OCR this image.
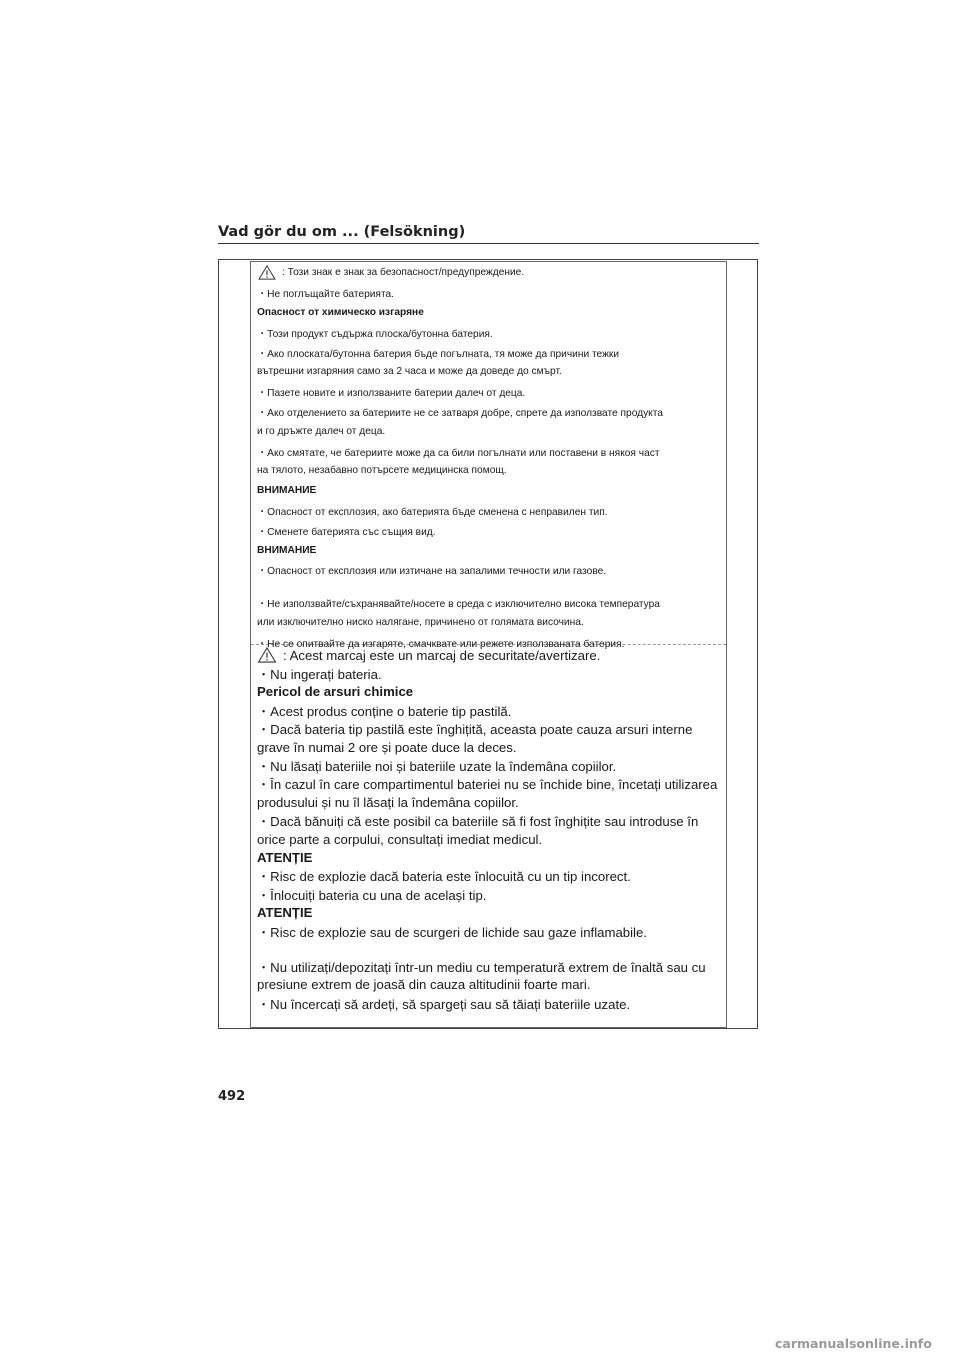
Vad gör du om ... (Felsökning)
: Този знак е знак за безопасност/предупреждение.
・Не поглъщайте батерията.
Опасност от химическо изгаряне
・Този продукт съдържа плоска/бутонна батерия.
・Ако плоската/бутонна батерия бъде погълната, тя може да причини тежки
вътрешни изгаряния само за 2 часа и може да доведе до смърт.
・Пазете новите и използваните батерии далеч от деца.
・Ако отделението за батериите не се затваря добре, спрете да използвате продукта
и го дръжте далеч от деца.
・Ако смятате, че батериите може да са били погълнати или поставени в някоя част
на тялото, незабавно потърсете медицинска помощ.
ВНИМАНИЕ
・Опасност от експлозия, ако батерията бъде сменена с неправилен тип.
・Сменете батерията със същия вид.
ВНИМАНИЕ
・Опасност от експлозия или изтичане на запалими течности или газове.
・Не използвайте/съхранявайте/носете в среда с изключително висока температура
или изключително ниско налягане, причинено от голямата височина.
・Не се опитвайте да изгаряте, смачквате или режете използваната батерия.
: Acest marcaj este un marcaj de securitate/avertizare.
・Nu ingerați bateria.
Pericol de arsuri chimice
・Acest produs conține o baterie tip pastilă.
・Dacă bateria tip pastilă este înghițită, aceasta poate cauza arsuri interne
grave în numai 2 ore și poate duce la deces.
・Nu lăsați bateriile noi și bateriile uzate la îndemâna copiilor.
・În cazul în care compartimentul bateriei nu se închide bine, încetați utilizarea
produsului și nu îl lăsați la îndemâna copiilor.
・Dacă bănuiți că este posibil ca bateriile să fi fost înghițite sau introduse în
orice parte a corpului, consultați imediat medicul.
ATENȚIE
・Risc de explozie dacă bateria este înlocuită cu un tip incorect.
・Înlocuiți bateria cu una de același tip.
ATENȚIE
・Risc de explozie sau de scurgeri de lichide sau gaze inflamabile.
・Nu utilizați/depozitați într-un mediu cu temperatură extrem de înaltă sau cu
presiune extrem de joasă din cauza altitudinii foarte mari.
・Nu încercați să ardeți, să spargeți sau să tăiați bateriile uzate.
492
carmanualsonline.info
